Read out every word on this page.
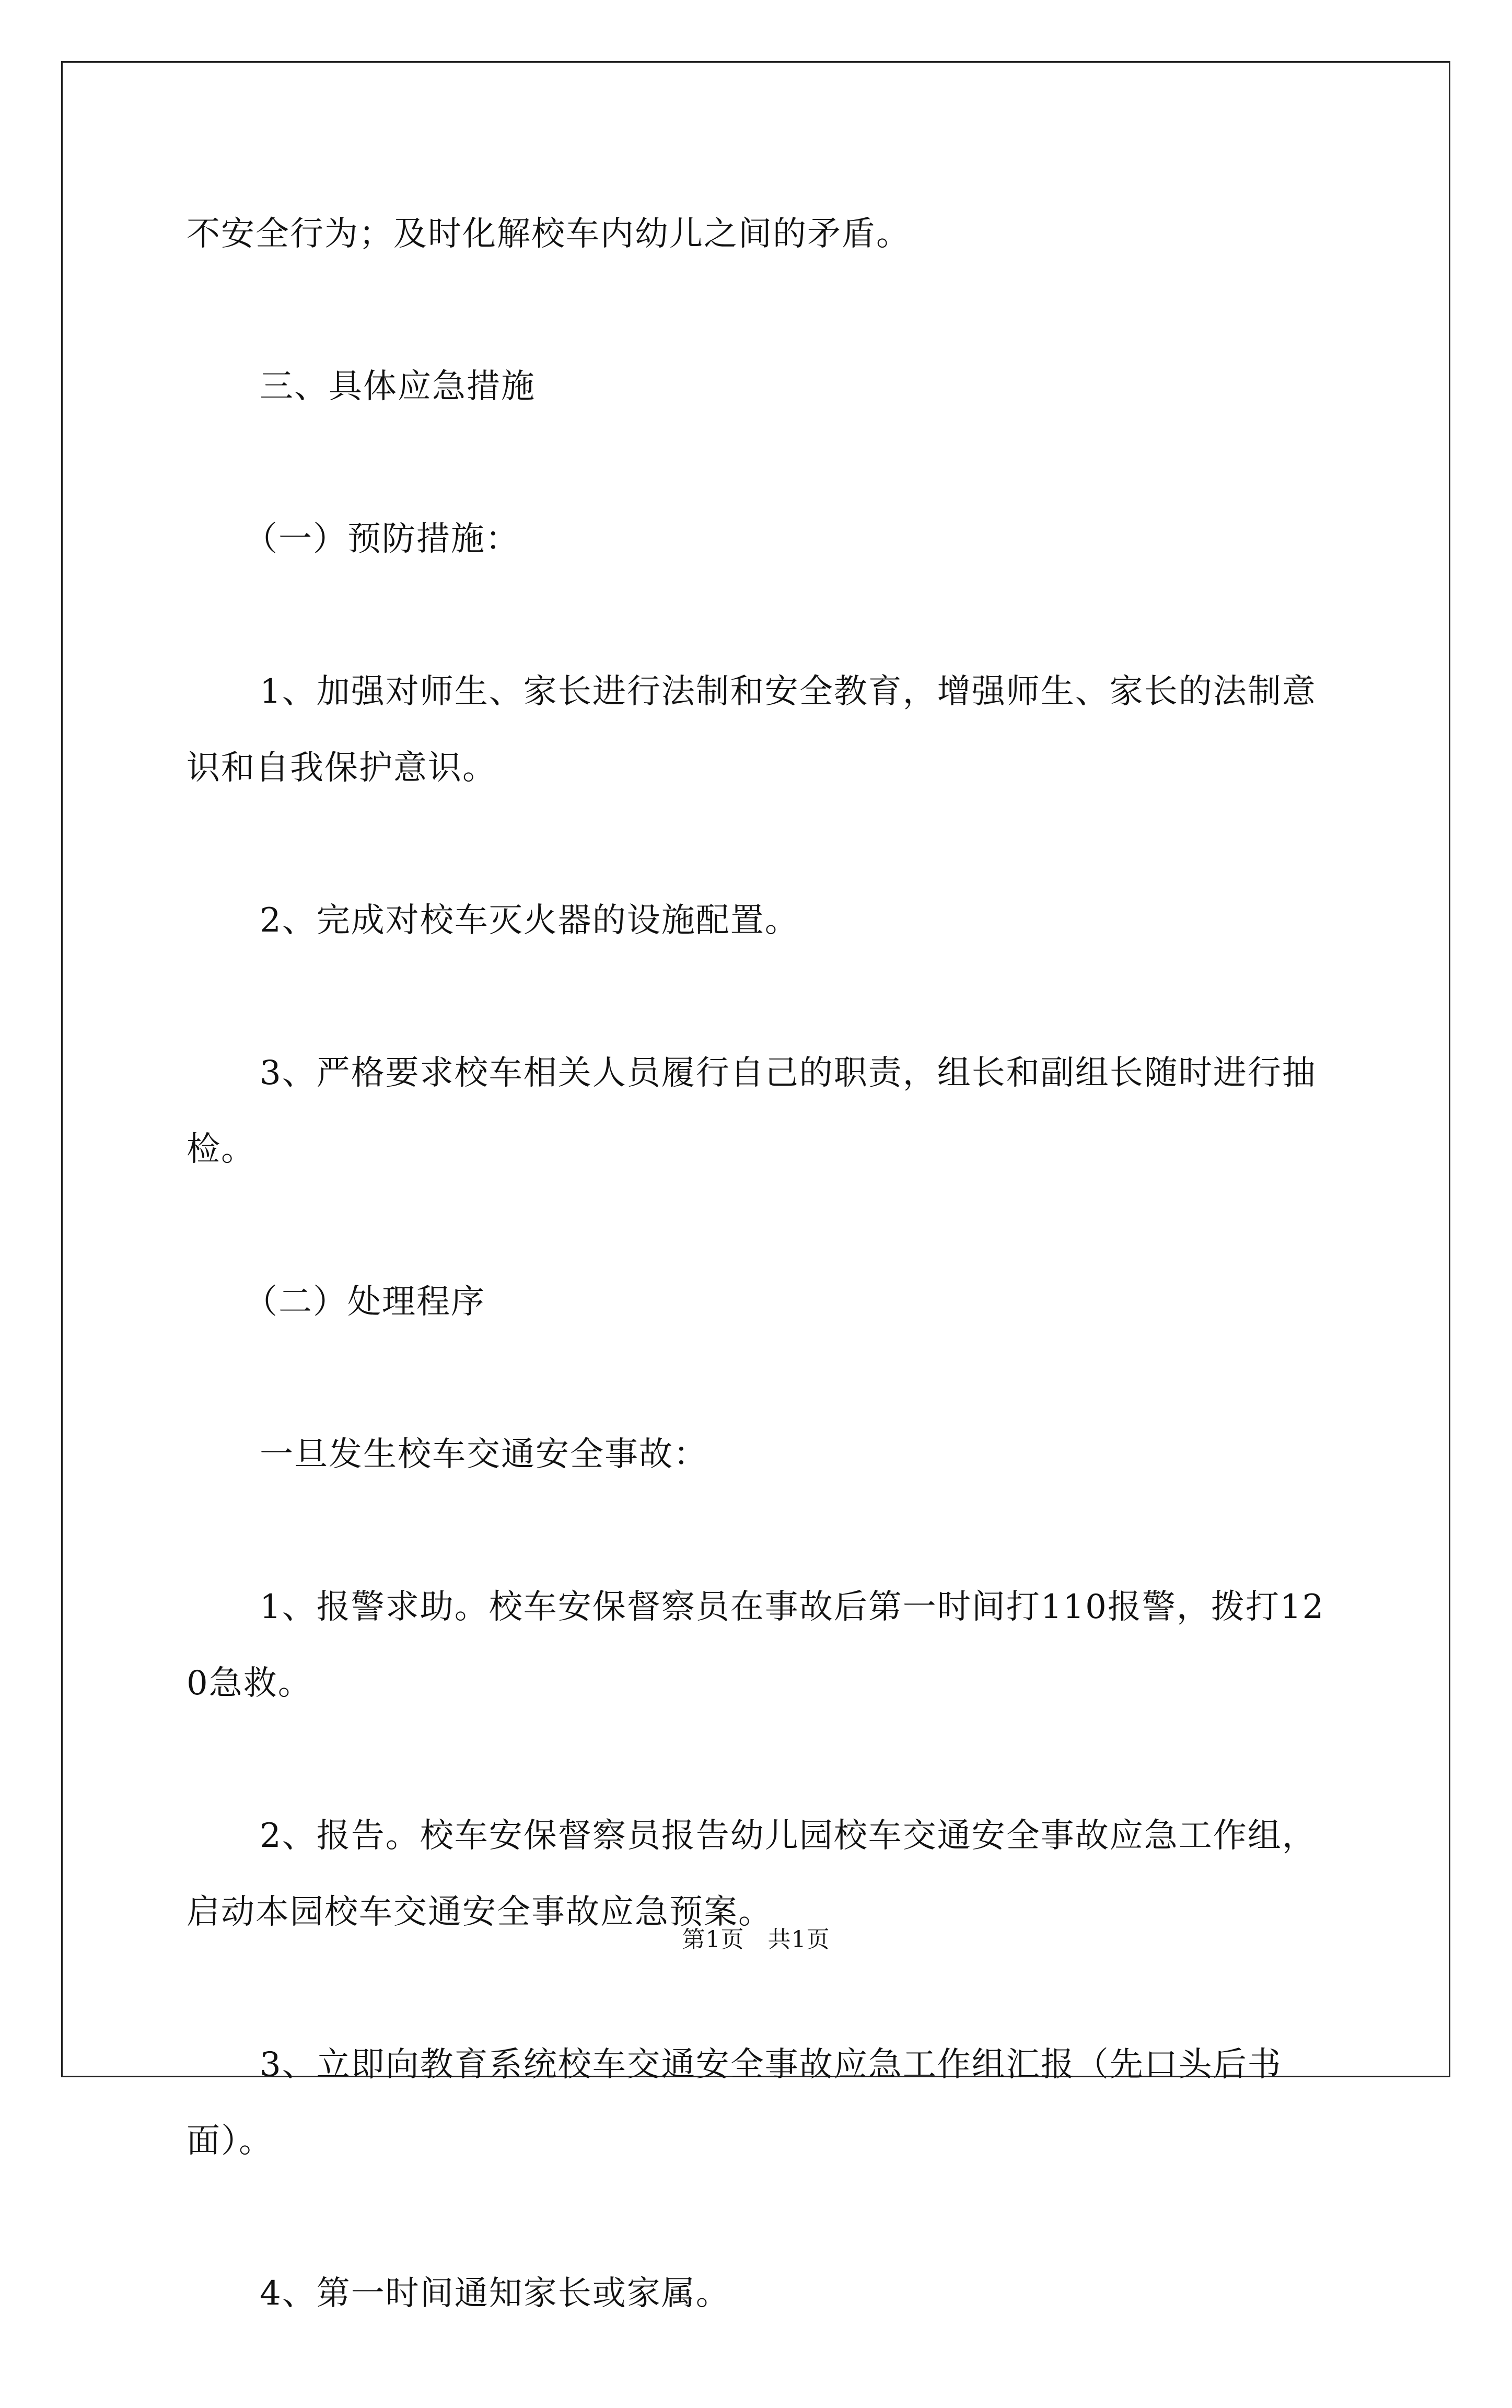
不安全行为；及时化解校车内幼儿之间的矛盾。

三、具体应急措施

（一）预防措施：

1、加强对师生、家长进行法制和安全教育，增强师生、家长的法制意识和自我保护意识。

2、完成对校车灭火器的设施配置。

3、严格要求校车相关人员履行自己的职责，组长和副组长随时进行抽检。

（二）处理程序

一旦发生校车交通安全事故：

1、报警求助。校车安保督察员在事故后第一时间打110报警，拨打120急救。

2、报告。校车安保督察员报告幼儿园校车交通安全事故应急工作组，启动本园校车交通安全事故应急预案。

3、立即向教育系统校车交通安全事故应急工作组汇报（先口头后书面）。

4、第一时间通知家长或家属。

第1页　共1页
